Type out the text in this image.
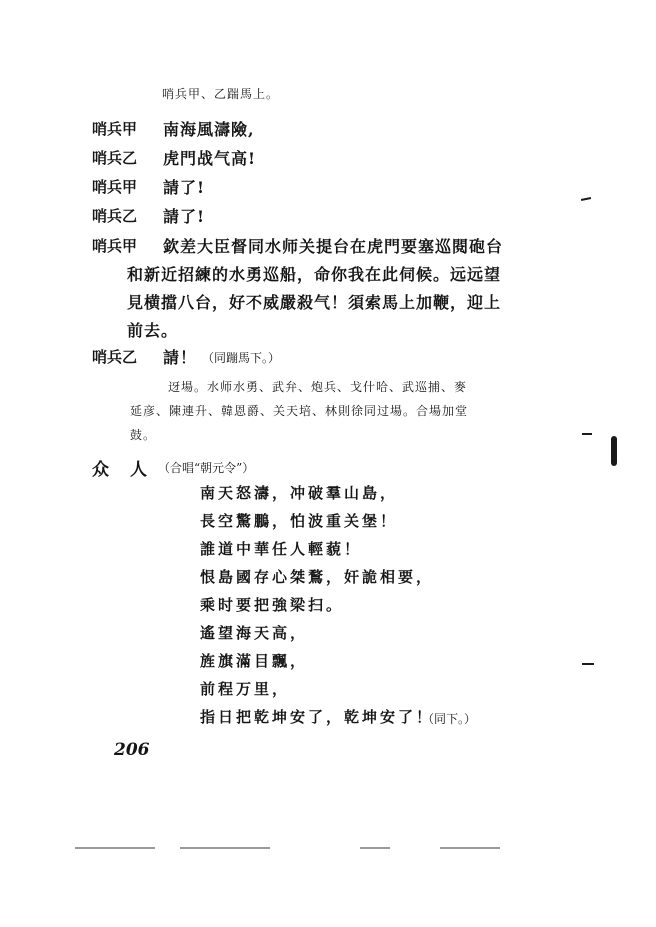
哨兵甲、乙踹馬上。
哨兵甲 南海風濤險,
哨兵乙 虎門战气高!
哨兵甲 請了!
哨兵乙 請了!
哨兵甲 欽差大臣督同水师关提台在虎門要塞巡閱砲台
和新近招練的水勇巡船，命你我在此伺候。远远望
見横擋八台，好不威嚴殺气！須索馬上加鞭，迎上
前去。
哨兵乙 請！ （同蹦馬下。）
迓場。水师水勇、武弁、炮兵、戈什哈、武巡捕、麥
延彦、陳連升、韓恩爵、关天培、林則徐同过場。合場加堂
鼓。
众　人 （合唱“朝元令”）
南天怒濤，冲破羣山島，
長空驚鵬，怕波重关堡！
誰道中華任人輕藐！
恨島國存心桀鶩，奸詭相要，
乘时要把強梁扫。
遙望海天高，
旌旗滿目飄，
前程万里，
指日把乾坤安了，乾坤安了！
（同下。）
206
